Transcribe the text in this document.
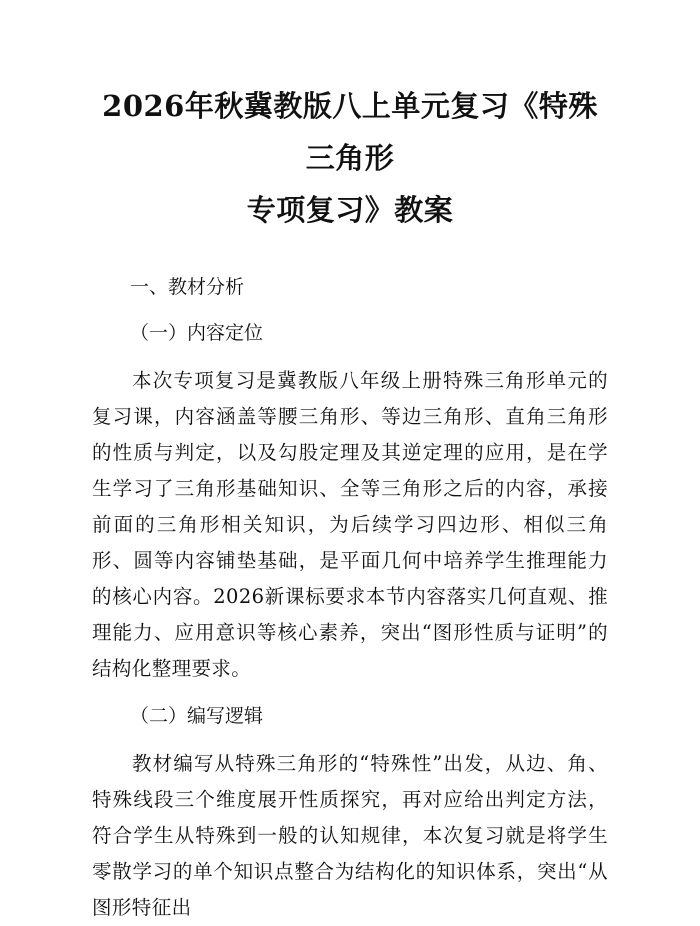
2026年秋冀教版八上单元复习《特殊三角形
专项复习》教案

一、教材分析

（一）内容定位

本次专项复习是冀教版八年级上册特殊三角形单元的复习课，内容涵盖等腰三角形、等边三角形、直角三角形的性质与判定，以及勾股定理及其逆定理的应用，是在学生学习了三角形基础知识、全等三角形之后的内容，承接前面的三角形相关知识，为后续学习四边形、相似三角形、圆等内容铺垫基础，是平面几何中培养学生推理能力的核心内容。2026新课标要求本节内容落实几何直观、推理能力、应用意识等核心素养，突出“图形性质与证明”的结构化整理要求。

（二）编写逻辑

教材编写从特殊三角形的“特殊性”出发，从边、角、特殊线段三个维度展开性质探究，再对应给出判定方法，符合学生从特殊到一般的认知规律，本次复习就是将学生零散学习的单个知识点整合为结构化的知识体系，突出“从图形特征出
